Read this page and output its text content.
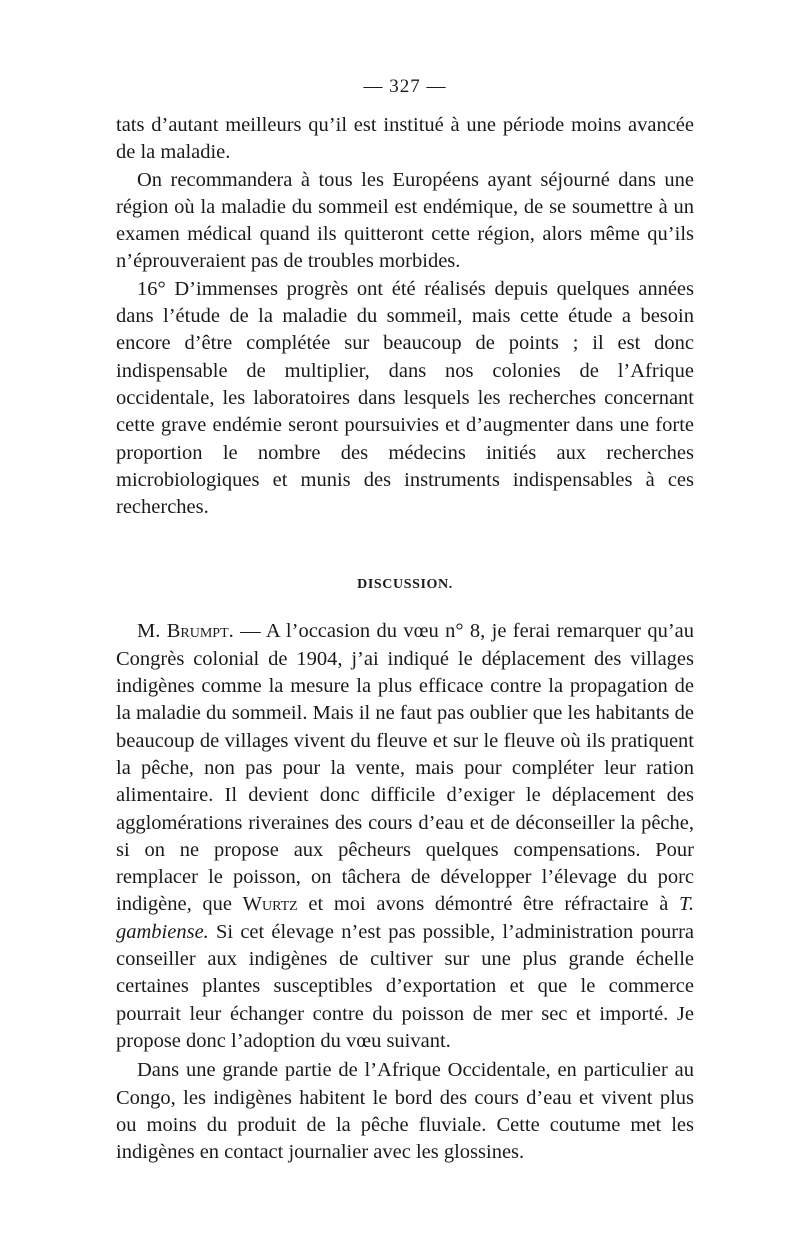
— 327 —

tats d’autant meilleurs qu’il est institué à une période moins avancée de la maladie.

On recommandera à tous les Européens ayant séjourné dans une région où la maladie du sommeil est endémique, de se soumettre à un examen médical quand ils quitteront cette région, alors même qu’ils n’éprouveraient pas de troubles morbides.

16° D’immenses progrès ont été réalisés depuis quelques années dans l’étude de la maladie du sommeil, mais cette étude a besoin encore d’être complétée sur beaucoup de points ; il est donc indispensable de multiplier, dans nos colonies de l’Afrique occidentale, les laboratoires dans lesquels les recherches concernant cette grave endémie seront poursuivies et d’augmenter dans une forte proportion le nombre des médecins initiés aux recherches microbiologiques et munis des instruments indispensables à ces recherches.

DISCUSSION.

M. Brumpt. — A l’occasion du vœu n° 8, je ferai remarquer qu’au Congrès colonial de 1904, j’ai indiqué le déplacement des villages indigènes comme la mesure la plus efficace contre la propagation de la maladie du sommeil. Mais il ne faut pas oublier que les habitants de beaucoup de villages vivent du fleuve et sur le fleuve où ils pratiquent la pêche, non pas pour la vente, mais pour compléter leur ration alimentaire. Il devient donc difficile d’exiger le déplacement des agglomérations riveraines des cours d’eau et de déconseiller la pêche, si on ne propose aux pêcheurs quelques compensations. Pour remplacer le poisson, on tâchera de développer l’élevage du porc indigène, que Wurtz et moi avons démontré être réfractaire à T. gambiense. Si cet élevage n’est pas possible, l’administration pourra conseiller aux indigènes de cultiver sur une plus grande échelle certaines plantes susceptibles d’exportation et que le commerce pourrait leur échanger contre du poisson de mer sec et importé. Je propose donc l’adoption du vœu suivant.

Dans une grande partie de l’Afrique Occidentale, en particulier au Congo, les indigènes habitent le bord des cours d’eau et vivent plus ou moins du produit de la pêche fluviale. Cette coutume met les indigènes en contact journalier avec les glossines.
